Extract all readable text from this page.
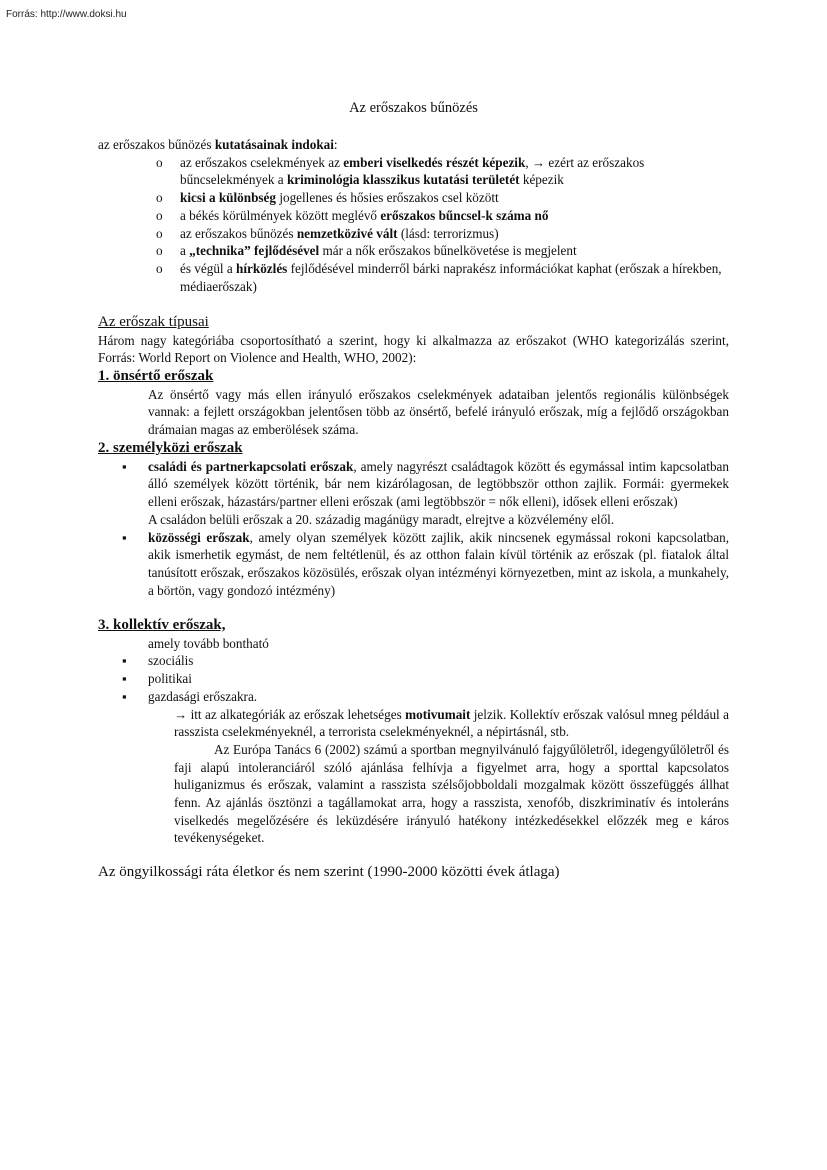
Forrás: http://www.doksi.hu
Az erőszakos bűnözés
az erőszakos bűnözés kutatásainak indokai:
o az erőszakos cselekmények az emberi viselkedés részét képezik, → ezért az erőszakos bűncselekmények a kriminológia klasszikus kutatási területét képezik
o kicsi a különbség jogellenes és hősies erőszakos csel között
o a békés körülmények között meglévő erőszakos bűncsel-k száma nő
o az erőszakos bűnözés nemzetközivé vált (lásd: terrorizmus)
o a „technika” fejlődésével már a nők erőszakos bűnelkövetése is megjelent
o és végül a hírközlés fejlődésével minderről bárki naprakész információkat kaphat (erőszak a hírekben, médiaerőszak)
Az erőszak típusai
Három nagy kategóriába csoportosítható a szerint, hogy ki alkalmazza az erőszakot (WHO kategorizálás szerint, Forrás: World Report on Violence and Health, WHO, 2002):
1. önsértő erőszak
Az önsértő vagy más ellen irányuló erőszakos cselekmények adataiban jelentős regionális különbségek vannak: a fejlett országokban jelentősen több az önsértő, befelé irányuló erőszak, míg a fejlődő országokban drámaian magas az emberölések száma.
2. személyközi erőszak
▪ családi és partnerkapcsolati erőszak, amely nagyrészt családtagok között és egymással intim kapcsolatban álló személyek között történik, bár nem kizárólagosan, de legtöbbször otthon zajlik. Formái: gyermekek elleni erőszak, házastárs/partner elleni erőszak (ami legtöbbször = nők elleni), idősek elleni erőszak)
A családon belüli erőszak a 20. századig magánügy maradt, elrejtve a közvélemény elől.
▪ közösségi erőszak, amely olyan személyek között zajlik, akik nincsenek egymással rokoni kapcsolatban, akik ismerhetik egymást, de nem feltétlenül, és az otthon falain kívül történik az erőszak (pl. fiatalok által tanúsított erőszak, erőszakos közösülés, erőszak olyan intézményi környezetben, mint az iskola, a munkahely, a börtön, vagy gondozó intézmény)
3. kollektív erőszak,
amely tovább bontható
▪ szociális
▪ politikai
▪ gazdasági erőszakra.
→ itt az alkategóriák az erőszak lehetséges motivumait jelzik. Kollektív erőszak valósul mneg például a rasszista cselekményeknél, a terrorista cselekményeknél, a népirtásnál, stb.
Az Európa Tanács 6 (2002) számú a sportban megnyilvánuló fajgyűlöletről, idegengyűlöletről és faji alapú intoleranciáról szóló ajánlása felhívja a figyelmet arra, hogy a sporttal kapcsolatos huliganizmus és erőszak, valamint a rasszista szélsőjobboldali mozgalmak között összefüggés állhat fenn. Az ajánlás ösztönzi a tagállamokat arra, hogy a rasszista, xenofób, diszkriminatív és intoleráns viselkedés megelőzésére és leküzdésére irányuló hatékony intézkedésekkel előzzék meg e káros tevékenységeket.
Az öngyilkossági ráta életkor és nem szerint (1990-2000 közötti évek átlaga)
